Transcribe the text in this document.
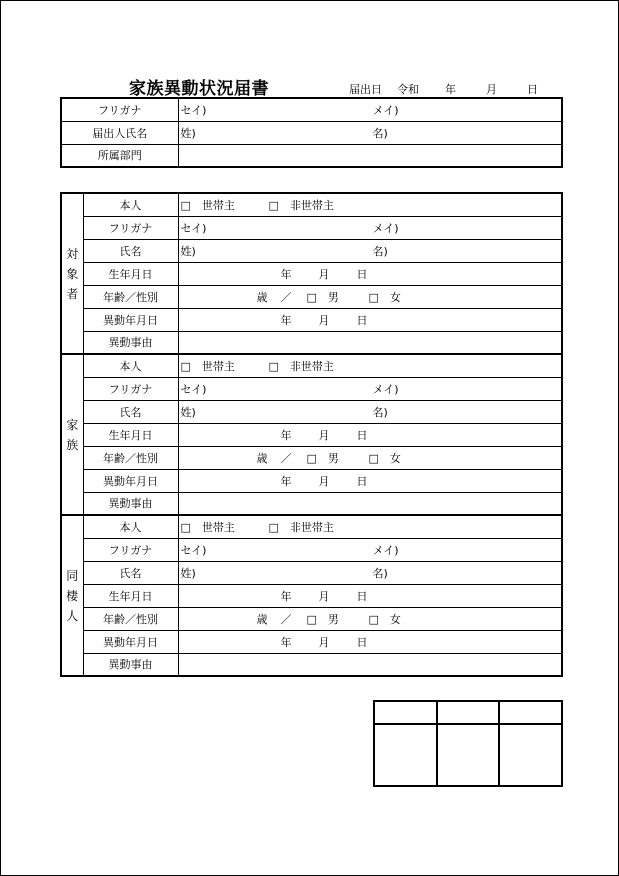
家族異動状況届書	届出日 令和 年	月	日
フリガナ	セイ) メイ)

届出人氏名	姓) 名)

所属部門	
対
象
者	本人	□　世帯主 □　非世帯主

	フリガナ	セイ) メイ)

	氏名	姓) 名)

	生年月日	年 月 日

	年齢／性別	歳 ／ □　男 □　女

	異動年月日	年 月 日

	異動事由	

家
族	本人	□　世帯主 □　非世帯主

	フリガナ	セイ) メイ)

	氏名	姓) 名)

	生年月日	年 月 日

	年齢／性別	歳 ／ □　男 □　女

	異動年月日	年 月 日

	異動事由	

同
棲
人	本人	□　世帯主 □　非世帯主

	フリガナ	セイ) メイ)

	氏名	姓) 名)

	生年月日	年 月 日

	年齢／性別	歳 ／ □　男 □　女

	異動年月日	年 月 日

	異動事由	
